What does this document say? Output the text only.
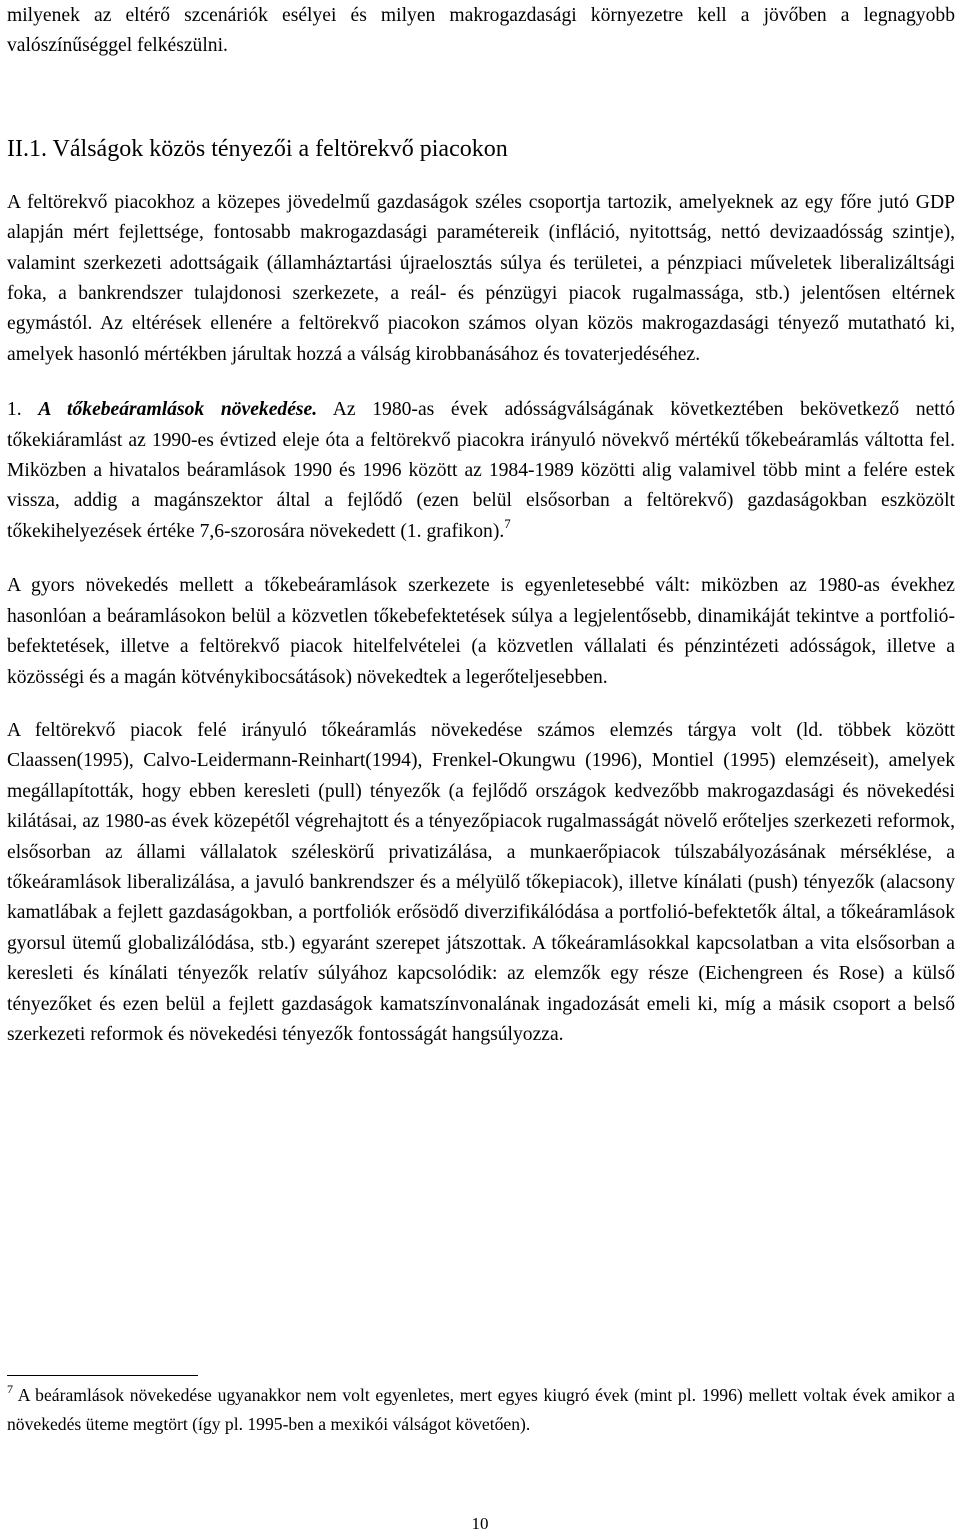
milyenek az eltérő szcenáriók esélyei és milyen makrogazdasági környezetre kell a jövőben a legnagyobb valószínűséggel felkészülni.

II.1. Válságok közös tényezői a feltörekvő piacokon

A feltörekvő piacokhoz a közepes jövedelmű gazdaságok széles csoportja tartozik, amelyeknek az egy főre jutó GDP alapján mért fejlettsége, fontosabb makrogazdasági paramétereik (infláció, nyitottság, nettó devizaadósság szintje), valamint szerkezeti adottságaik (államháztartási újraelosztás súlya és területei, a pénzpiaci műveletek liberalizáltsági foka, a bankrendszer tulajdonosi szerkezete, a reál- és pénzügyi piacok rugalmassága, stb.) jelentősen eltérnek egymástól. Az eltérések ellenére a feltörekvő piacokon számos olyan közös makrogazdasági tényező mutatható ki, amelyek hasonló mértékben járultak hozzá a válság kirobbanásához és tovaterjedéséhez.

1. A tőkebeáramlások növekedése. Az 1980-as évek adósságválságának következtében bekövetkező nettó tőkekiáramlást az 1990-es évtized eleje óta a feltörekvő piacokra irányuló növekvő mértékű tőkebeáramlás váltotta fel. Miközben a hivatalos beáramlások 1990 és 1996 között az 1984-1989 közötti alig valamivel több mint a felére estek vissza, addig a magánszektor által a fejlődő (ezen belül elsősorban a feltörekvő) gazdaságokban eszközölt tőkekihelyezések értéke 7,6-szorosára növekedett (1. grafikon).$^7$

A gyors növekedés mellett a tőkebeáramlások szerkezete is egyenletesebbé vált: miközben az 1980-as évekhez hasonlóan a beáramlásokon belül a közvetlen tőkebefektetések súlya a legjelentősebb, dinamikáját tekintve a portfolió-befektetések, illetve a feltörekvő piacok hitelfelvételei (a közvetlen vállalati és pénzintézeti adósságok, illetve a közösségi és a magán kötvénykibocsátások) növekedtek a legerőteljesebben.

A feltörekvő piacok felé irányuló tőkeáramlás növekedése számos elemzés tárgya volt (ld. többek között Claassen(1995), Calvo-Leidermann-Reinhart(1994), Frenkel-Okungwu (1996), Montiel (1995) elemzéseit), amelyek megállapították, hogy ebben keresleti (pull) tényezők (a fejlődő országok kedvezőbb makrogazdasági és növekedési kilátásai, az 1980-as évek közepétől végrehajtott és a tényezőpiacok rugalmasságát növelő erőteljes szerkezeti reformok, elsősorban az állami vállalatok széleskörű privatizálása, a munkaerőpiacok túlszabályozásának mérséklése, a tőkeáramlások liberalizálása, a javuló bankrendszer és a mélyülő tőkepiacok), illetve kínálati (push) tényezők (alacsony kamatlábak a fejlett gazdaságokban, a portfoliók erősödő diverzifikálódása a portfolió-befektetők által, a tőkeáramlások gyorsul ütemű globalizálódása, stb.) egyaránt szerepet játszottak. A tőkeáramlásokkal kapcsolatban a vita elsősorban a keresleti és kínálati tényezők relatív súlyához kapcsolódik: az elemzők egy része (Eichengreen és Rose) a külső tényezőket és ezen belül a fejlett gazdaságok kamatszínvonalának ingadozását emeli ki, míg a másik csoport a belső szerkezeti reformok és növekedési tényezők fontosságát hangsúlyozza.

$^7$ A beáramlások növekedése ugyanakkor nem volt egyenletes, mert egyes kiugró évek (mint pl. 1996) mellett voltak évek amikor a növekedés üteme megtört (így pl. 1995-ben a mexikói válságot követően).
10
